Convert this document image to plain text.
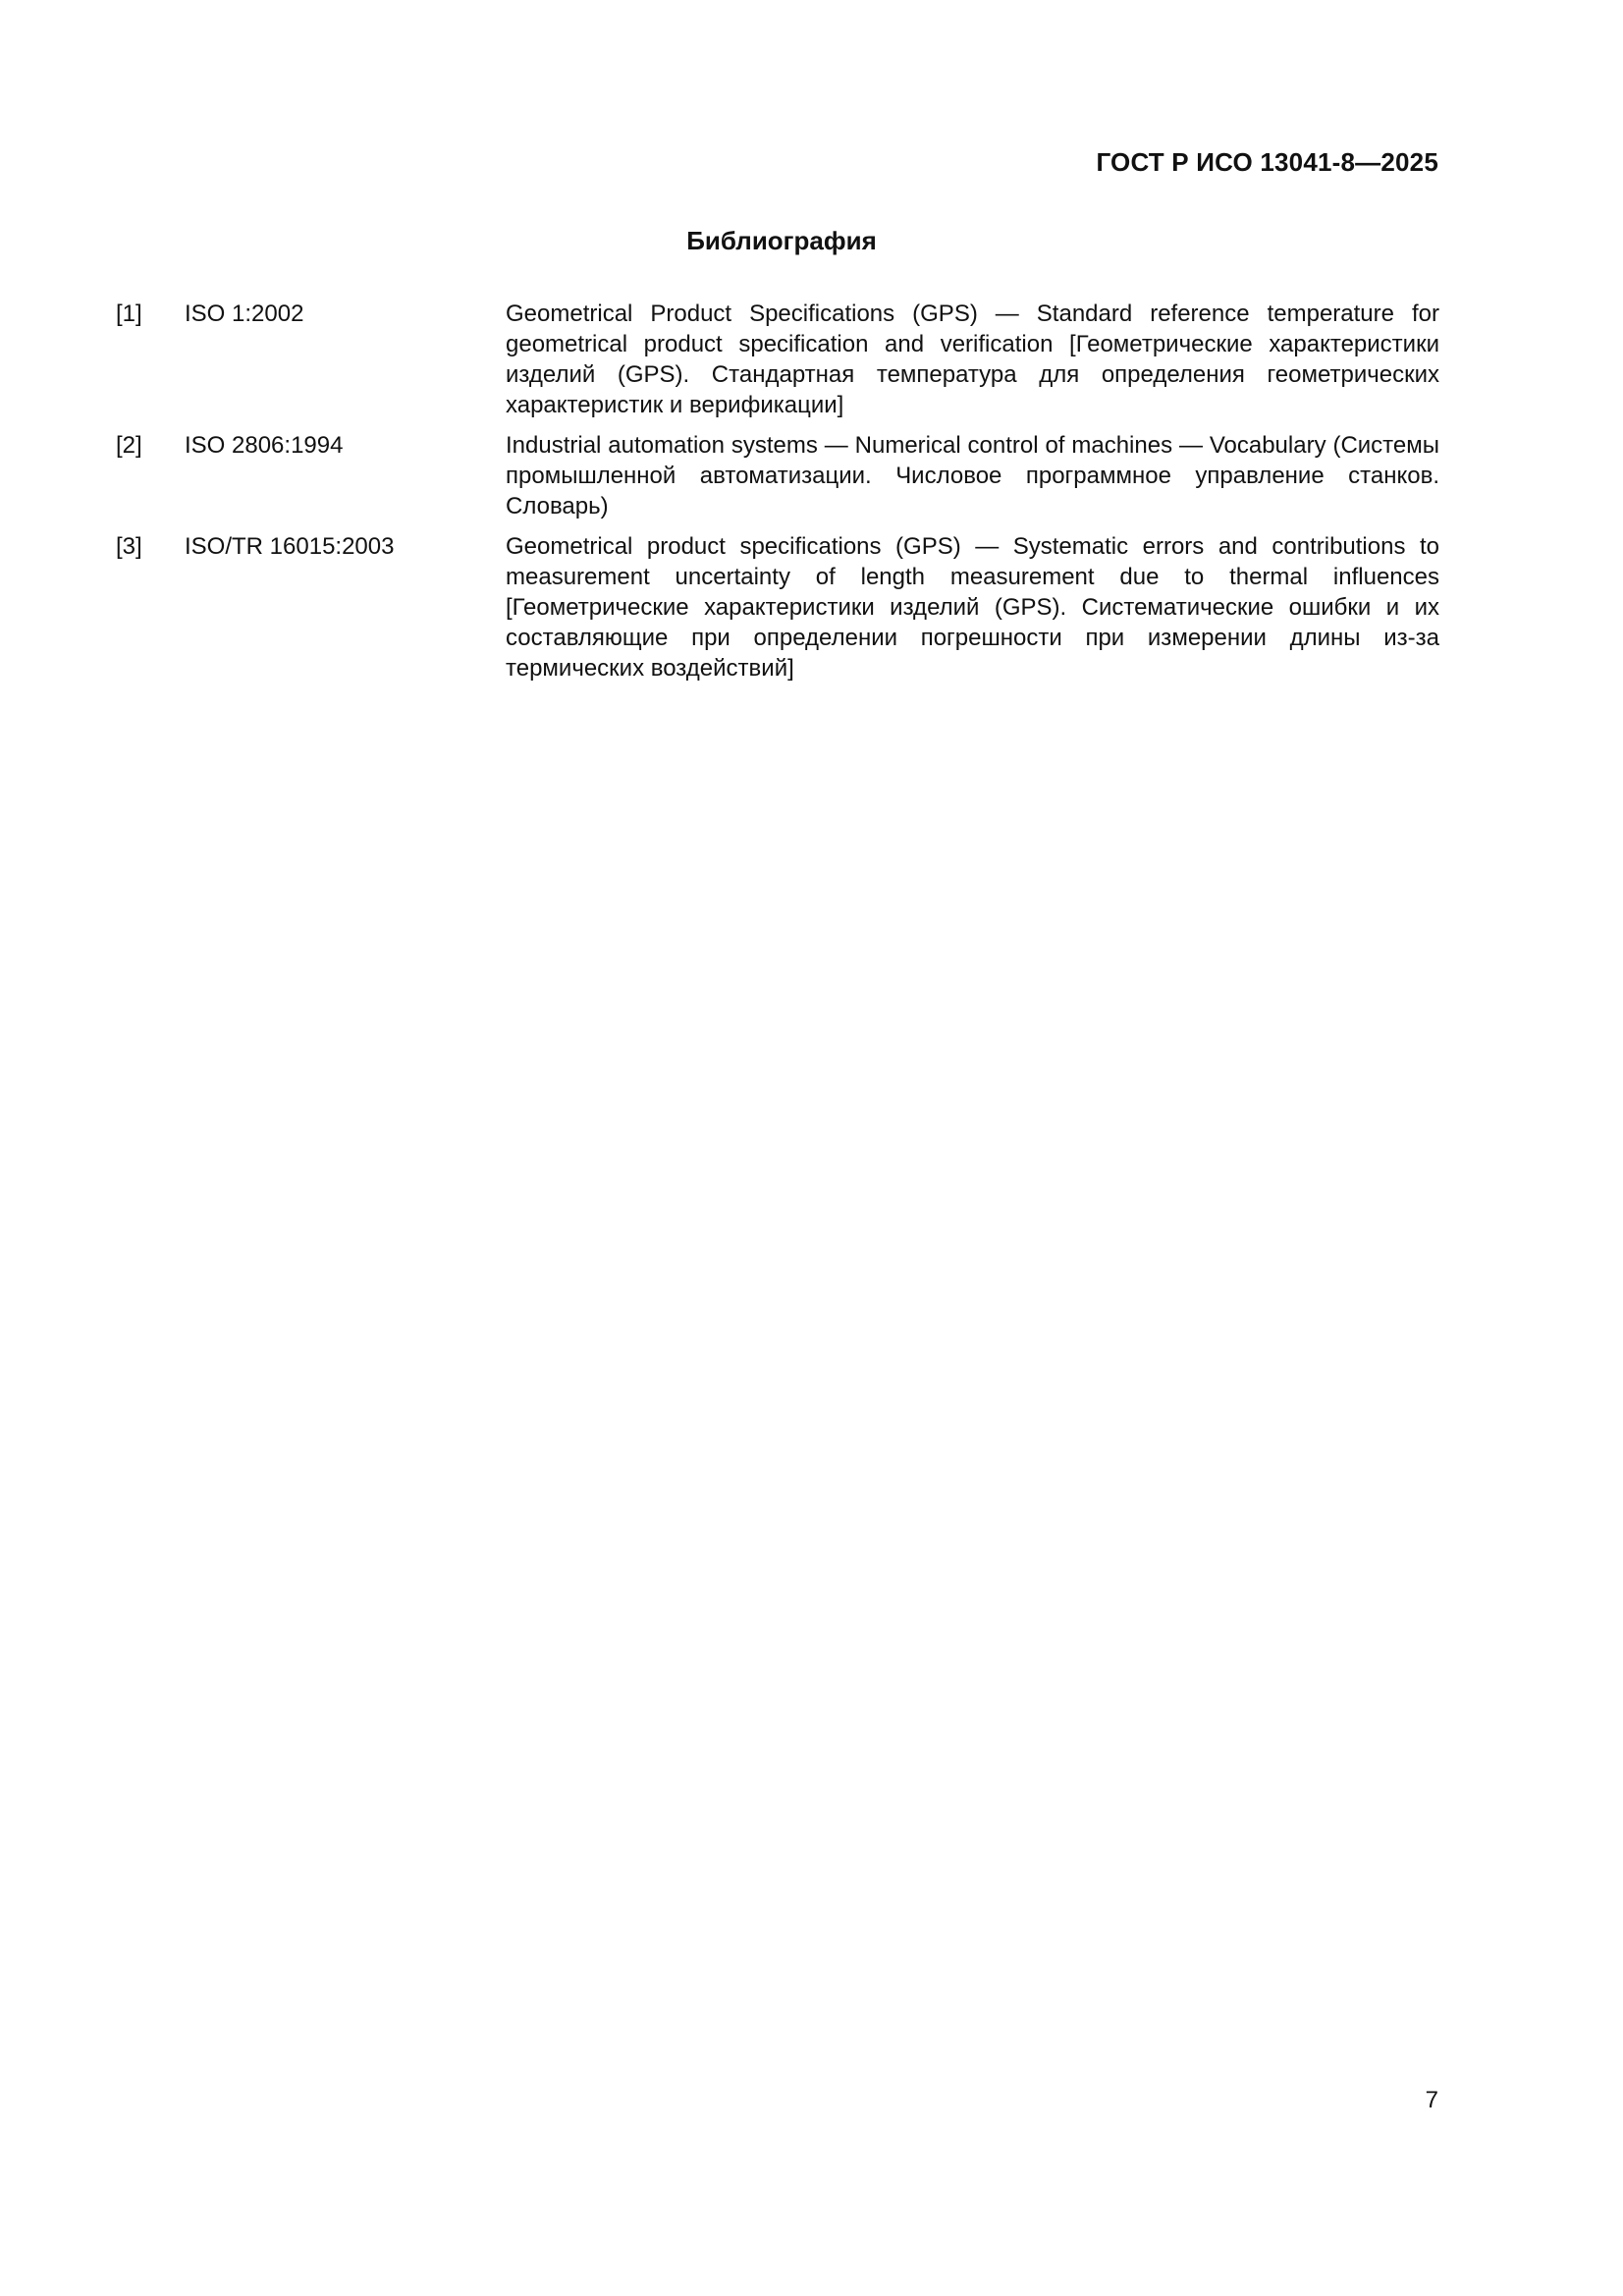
ГОСТ Р ИСО 13041-8—2025
Библиография
[1] ISO 1:2002	Geometrical Product Specifications (GPS) — Standard reference temperature for geometrical product specification and verification [Геометрические характеристики изделий (GPS). Стандартная температура для определения геометрических характеристик и верификации]
[2] ISO 2806:1994	Industrial automation systems — Numerical control of machines — Vocabulary (Системы промышленной автоматизации. Числовое программное управление станков. Словарь)
[3] ISO/TR 16015:2003	Geometrical product specifications (GPS) — Systematic errors and contributions to measurement uncertainty of length measurement due to thermal influences [Геометрические характеристики изделий (GPS). Систематические ошибки и их составляющие при определении погрешности при измерении длины из-за термических воздействий]
7
